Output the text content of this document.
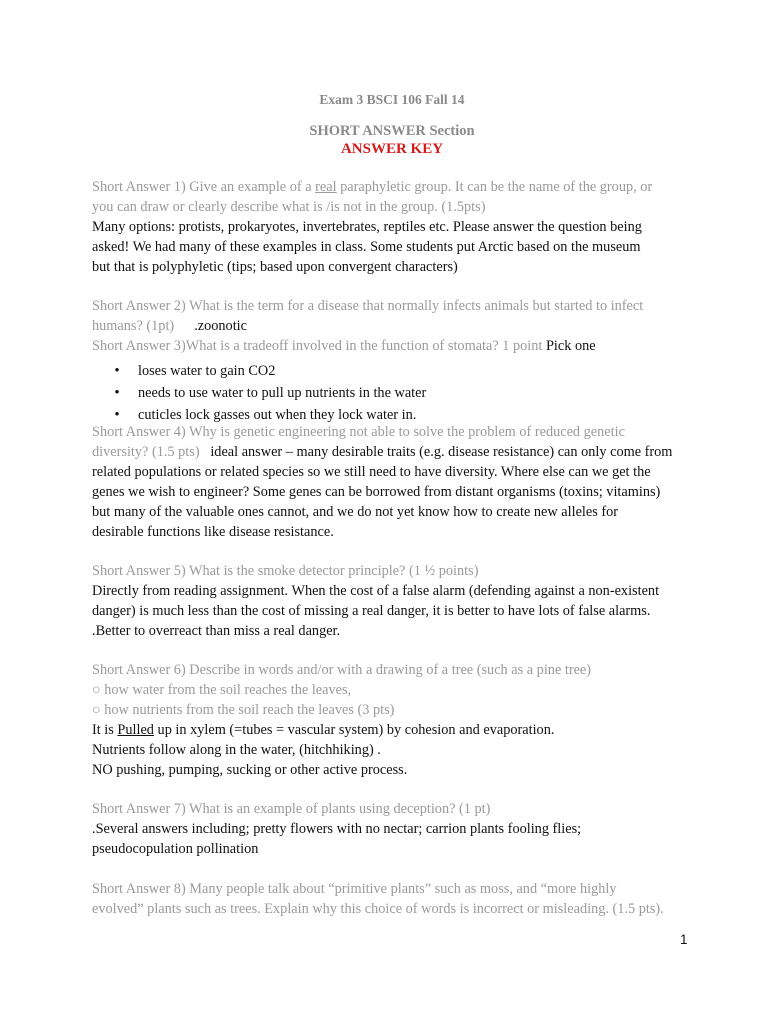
Exam 3 BSCI 106 Fall 14
SHORT ANSWER Section
ANSWER KEY
Short Answer 1) Give an example of a real paraphyletic group. It can be the name of the group, or
you can draw or clearly describe what is /is not in the group. (1.5pts)
Many options: protists, prokaryotes, invertebrates, reptiles etc. Please answer the question being
asked! We had many of these examples in class. Some students put Arctic based on the museum
but that is polyphyletic (tips; based upon convergent characters)
Short Answer 2) What is the term for a disease that normally infects animals but started to infect
humans? (1pt) .zoonotic
Short Answer 3)What is a tradeoff involved in the function of stomata? 1 point Pick one
• loses water to gain CO2
• needs to use water to pull up nutrients in the water
• cuticles lock gasses out when they lock water in.
Short Answer 4) Why is genetic engineering not able to solve the problem of reduced genetic
diversity? (1.5 pts)   ideal answer – many desirable traits (e.g. disease resistance) can only come from
related populations or related species so we still need to have diversity. Where else can we get the
genes we wish to engineer? Some genes can be borrowed from distant organisms (toxins; vitamins)
but many of the valuable ones cannot, and we do not yet know how to create new alleles for
desirable functions like disease resistance.
Short Answer 5) What is the smoke detector principle? (1 ½ points)
Directly from reading assignment. When the cost of a false alarm (defending against a non-existent
danger) is much less than the cost of missing a real danger, it is better to have lots of false alarms.
.Better to overreact than miss a real danger.
Short Answer 6) Describe in words and/or with a drawing of a tree (such as a pine tree)
○ how water from the soil reaches the leaves,
○ how nutrients from the soil reach the leaves (3 pts)
It is Pulled up in xylem (=tubes = vascular system) by cohesion and evaporation.
Nutrients follow along in the water, (hitchhiking) .
NO pushing, pumping, sucking or other active process.
Short Answer 7) What is an example of plants using deception? (1 pt)
.Several answers including; pretty flowers with no nectar; carrion plants fooling flies;
pseudocopulation pollination
Short Answer 8) Many people talk about “primitive plants” such as moss, and “more highly
evolved” plants such as trees. Explain why this choice of words is incorrect or misleading. (1.5 pts).
1
